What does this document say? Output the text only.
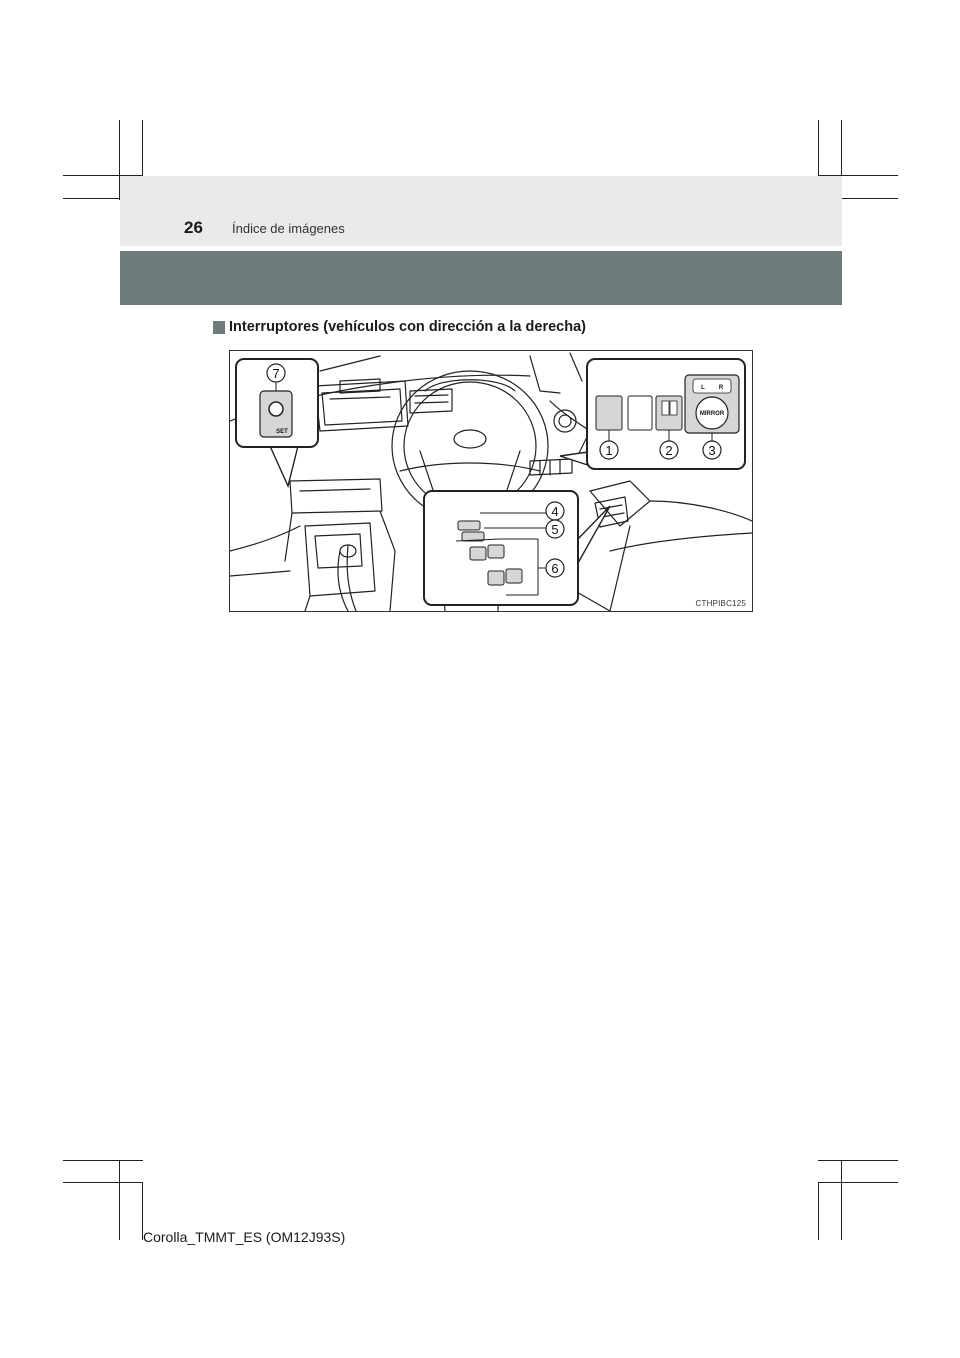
26 Índice de imágenes
Interruptores (vehículos con dirección a la derecha)
7
SET
L R
MIRROR
1	2	3
4
5
6
CTHPIBC125
Corolla_TMMT_ES (OM12J93S)
